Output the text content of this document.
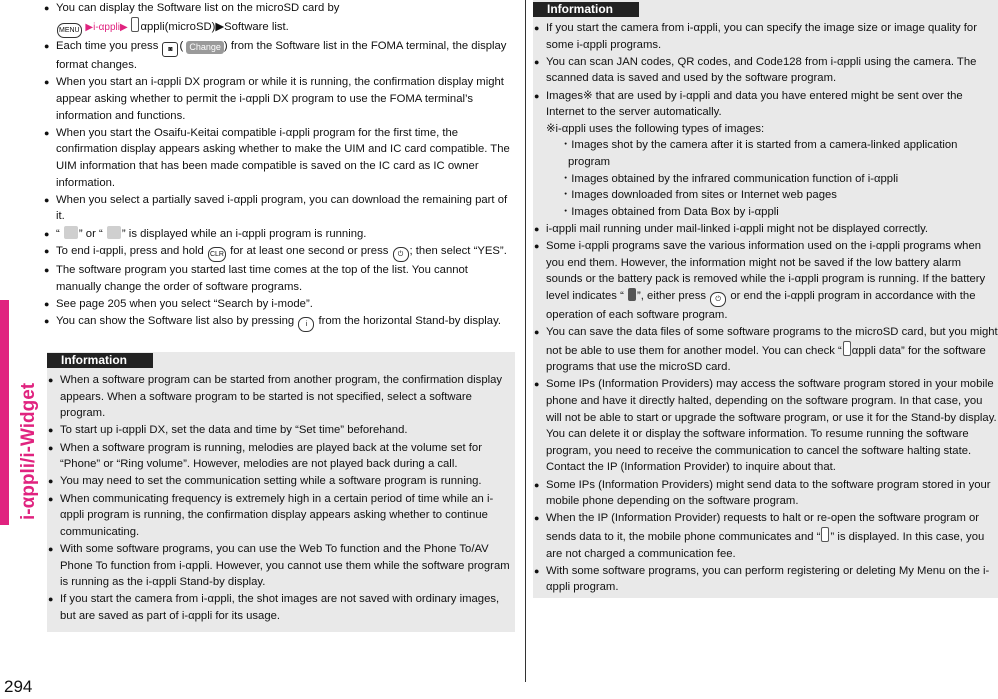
i-αppli/i-Widget
294
● You can display the Software list on the microSD card by
MENU ▶i-αppli▶ αppli(microSD)▶Software list.
● Each time you press ◙ ( Change ) from the Software list in the FOMA terminal, the display format changes.
● When you start an i-αppli DX program or while it is running, the confirmation display might appear asking whether to permit the i-αppli DX program to use the FOMA terminal’s information and functions.
● When you start the Osaifu-Keitai compatible i-αppli program for the first time, the confirmation display appears asking whether to make the UIM and IC card compatible. The UIM information that has been made compatible is saved on the IC card as IC owner information.
● When you select a partially saved i-αppli program, you can download the remaining part of it.
● “ ” or “ ” is displayed while an i-αppli program is running.
● To end i-αppli, press and hold CLR for at least one second or press ⏻ ; then select “YES”.
● The software program you started last time comes at the top of the list. You cannot manually change the order of software programs.
● See page 205 when you select “Search by i-mode”.
● You can show the Software list also by pressing i from the horizontal Stand-by display.
Information
● When a software program can be started from another program, the confirmation display appears. When a software program to be started is not specified, select a software program.
● To start up i-αppli DX, set the data and time by “Set time” beforehand.
● When a software program is running, melodies are played back at the volume set for “Phone” or “Ring volume”. However, melodies are not played back during a call.
● You may need to set the communication setting while a software program is running.
● When communicating frequency is extremely high in a certain period of time while an i-αppli program is running, the confirmation display appears asking whether to continue communicating.
● With some software programs, you can use the Web To function and the Phone To/AV Phone To function from i-αppli. However, you cannot use them while the software program is running as the i-αppli Stand-by display.
● If you start the camera from i-αppli, the shot images are not saved with ordinary images, but are saved as part of i-αppli for its usage.
Information
● If you start the camera from i-αppli, you can specify the image size or image quality for some i-αppli programs.
● You can scan JAN codes, QR codes, and Code128 from i-αppli using the camera. The scanned data is saved and used by the software program.
● Images※ that are used by i-αppli and data you have entered might be sent over the Internet to the server automatically.
※i-αppli uses the following types of images:
・Images shot by the camera after it is started from a camera-linked application program
・Images obtained by the infrared communication function of i-αppli
・Images downloaded from sites or Internet web pages
・Images obtained from Data Box by i-αppli
● i-αppli mail running under mail-linked i-αppli might not be displayed correctly.
● Some i-αppli programs save the various information used on the i-αppli programs when you end them. However, the information might not be saved if the low battery alarm sounds or the battery pack is removed while the i-αppli program is running. If the battery level indicates “ ”, either press ⏻ or end the i-αppli program in accordance with the operation of each software program.
● You can save the data files of some software programs to the microSD card, but you might not be able to use them for another model. You can check “ αppli data” for the software programs that use the microSD card.
● Some IPs (Information Providers) may access the software program stored in your mobile phone and have it directly halted, depending on the software program. In that case, you will not be able to start or upgrade the software program, or use it for the Stand-by display. You can delete it or display the software information. To resume running the software program, you need to receive the communication to cancel the software halting state. Contact the IP (Information Provider) to inquire about that.
● Some IPs (Information Providers) might send data to the software program stored in your mobile phone depending on the software program.
● When the IP (Information Provider) requests to halt or re-open the software program or sends data to it, the mobile phone communicates and “ ” is displayed. In this case, you are not charged a communication fee.
● With some software programs, you can perform registering or deleting My Menu on the i-αppli program.
